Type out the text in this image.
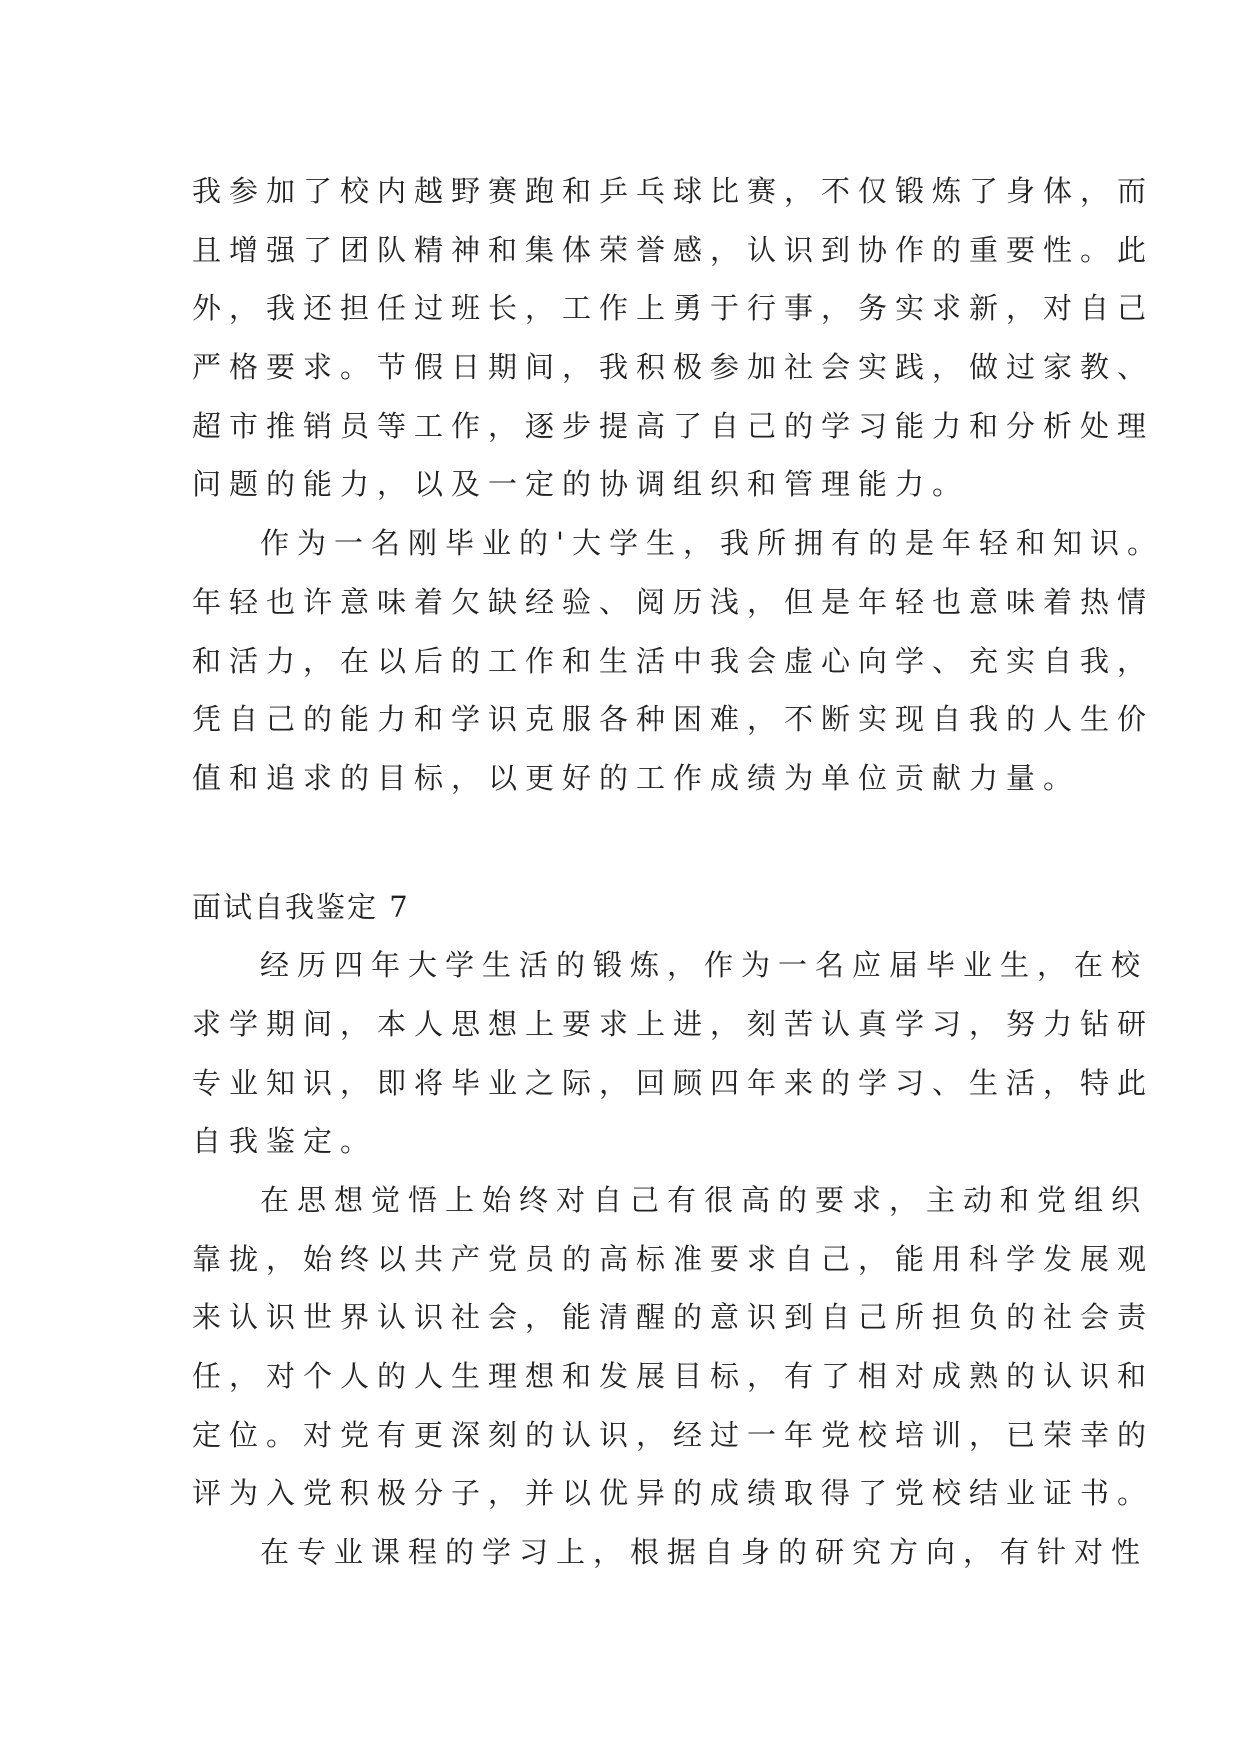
我参加了校内越野赛跑和乒乓球比赛，不仅锻炼了身体，而
且增强了团队精神和集体荣誉感，认识到协作的重要性。此
外，我还担任过班长，工作上勇于行事，务实求新，对自己
严格要求。节假日期间，我积极参加社会实践，做过家教、
超市推销员等工作，逐步提高了自己的学习能力和分析处理
问题的能力，以及一定的协调组织和管理能力。
作为一名刚毕业的'大学生，我所拥有的是年轻和知识。
年轻也许意味着欠缺经验、阅历浅，但是年轻也意味着热情
和活力，在以后的工作和生活中我会虚心向学、充实自我，
凭自己的能力和学识克服各种困难，不断实现自我的人生价
值和追求的目标，以更好的工作成绩为单位贡献力量。
面试自我鉴定 7
经历四年大学生活的锻炼，作为一名应届毕业生，在校
求学期间，本人思想上要求上进，刻苦认真学习，努力钻研
专业知识，即将毕业之际，回顾四年来的学习、生活，特此
自我鉴定。
在思想觉悟上始终对自己有很高的要求，主动和党组织
靠拢，始终以共产党员的高标准要求自己，能用科学发展观
来认识世界认识社会，能清醒的意识到自己所担负的社会责
任，对个人的人生理想和发展目标，有了相对成熟的认识和
定位。对党有更深刻的认识，经过一年党校培训，已荣幸的
评为入党积极分子，并以优异的成绩取得了党校结业证书。
在专业课程的学习上，根据自身的研究方向，有针对性
